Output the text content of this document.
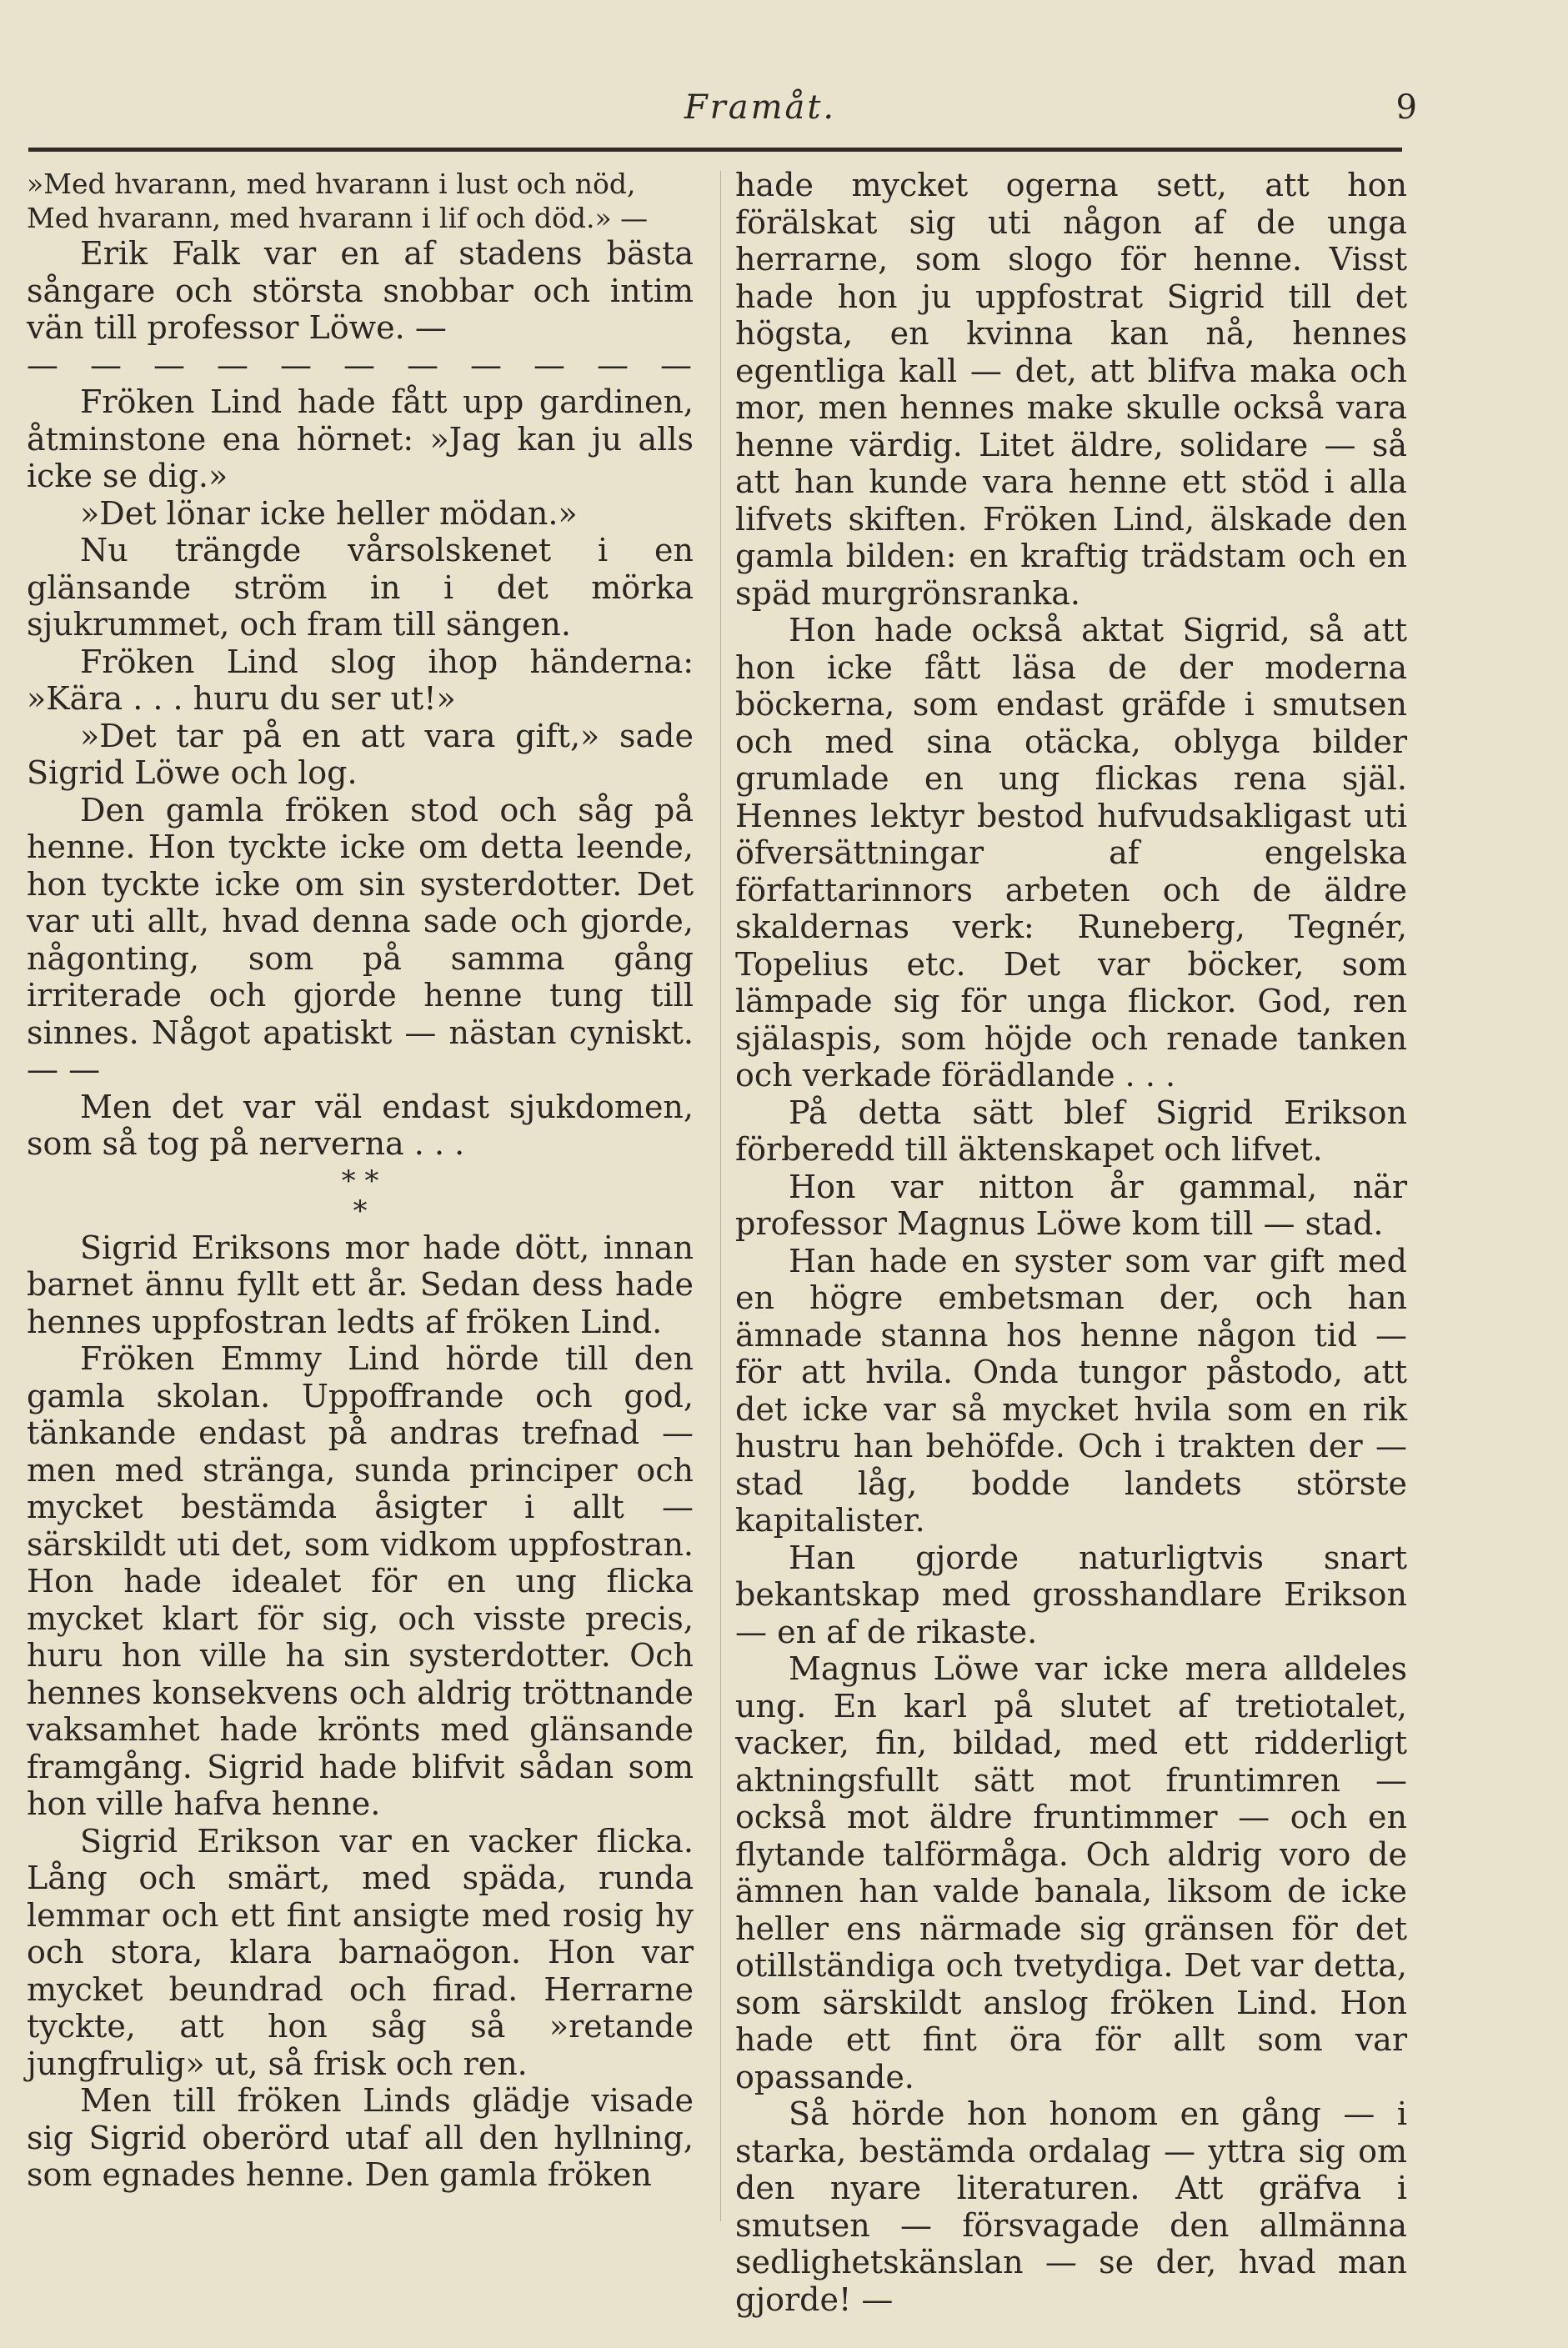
Framåt.	9

»Med hvarann, med hvarann i lust och nöd,
Med hvarann, med hvarann i lif och död.» —

Erik Falk var en af stadens bästa sångare och största snobbar och intim vän till professor Löwe. —

— — — — — — — — — — —

Fröken Lind hade fått upp gardinen, åtminstone ena hörnet: »Jag kan ju alls icke se dig.»

»Det lönar icke heller mödan.»

Nu trängde vårsolskenet i en glänsande ström in i det mörka sjukrummet, och fram till sängen.

Fröken Lind slog ihop händerna: »Kära . . . huru du ser ut!»

»Det tar på en att vara gift,» sade Sigrid Löwe och log.

Den gamla fröken stod och såg på henne. Hon tyckte icke om detta leende, hon tyckte icke om sin systerdotter. Det var uti allt, hvad denna sade och gjorde, någonting, som på samma gång irriterade och gjorde henne tung till sinnes. Något apatiskt — nästan cyniskt. — —

Men det var väl endast sjukdomen, som så tog på nerverna . . .

* *
*

Sigrid Eriksons mor hade dött, innan barnet ännu fyllt ett år. Sedan dess hade hennes uppfostran ledts af fröken Lind.

Fröken Emmy Lind hörde till den gamla skolan. Uppoffrande och god, tänkande endast på andras trefnad — men med stränga, sunda principer och mycket bestämda åsigter i allt — särskildt uti det, som vidkom uppfostran. Hon hade idealet för en ung flicka mycket klart för sig, och visste precis, huru hon ville ha sin systerdotter. Och hennes konsekvens och aldrig tröttnande vaksamhet hade krönts med glänsande framgång. Sigrid hade blifvit sådan som hon ville hafva henne.

Sigrid Erikson var en vacker flicka. Lång och smärt, med späda, runda lemmar och ett fint ansigte med rosig hy och stora, klara barnaögon. Hon var mycket beundrad och firad. Herrarne tyckte, att hon såg så »retande jungfrulig» ut, så frisk och ren.

Men till fröken Linds glädje visade sig Sigrid oberörd utaf all den hyllning, som egnades henne. Den gamla fröken

hade mycket ogerna sett, att hon förälskat sig uti någon af de unga herrarne, som slogo för henne. Visst hade hon ju uppfostrat Sigrid till det högsta, en kvinna kan nå, hennes egentliga kall — det, att blifva maka och mor, men hennes make skulle också vara henne värdig. Litet äldre, solidare — så att han kunde vara henne ett stöd i alla lifvets skiften. Fröken Lind, älskade den gamla bilden: en kraftig trädstam och en späd murgrönsranka.

Hon hade också aktat Sigrid, så att hon icke fått läsa de der moderna böckerna, som endast gräfde i smutsen och med sina otäcka, oblyga bilder grumlade en ung flickas rena själ. Hennes lektyr bestod hufvudsakligast uti öfversättningar af engelska författarinnors arbeten och de äldre skaldernas verk: Runeberg, Tegnér, Topelius etc. Det var böcker, som lämpade sig för unga flickor. God, ren själaspis, som höjde och renade tanken och verkade förädlande . . .

På detta sätt blef Sigrid Erikson förberedd till äktenskapet och lifvet.

Hon var nitton år gammal, när professor Magnus Löwe kom till — stad.

Han hade en syster som var gift med en högre embetsman der, och han ämnade stanna hos henne någon tid — för att hvila. Onda tungor påstodo, att det icke var så mycket hvila som en rik hustru han behöfde. Och i trakten der — stad låg, bodde landets störste kapitalister.

Han gjorde naturligtvis snart bekantskap med grosshandlare Erikson — en af de rikaste.

Magnus Löwe var icke mera alldeles ung. En karl på slutet af tretiotalet, vacker, fin, bildad, med ett ridderligt aktningsfullt sätt mot fruntimren — också mot äldre fruntimmer — och en flytande talförmåga. Och aldrig voro de ämnen han valde banala, liksom de icke heller ens närmade sig gränsen för det otillständiga och tvetydiga. Det var detta, som särskildt anslog fröken Lind. Hon hade ett fint öra för allt som var opassande.

Så hörde hon honom en gång — i starka, bestämda ordalag — yttra sig om den nyare literaturen. Att gräfva i smutsen — försvagade den allmänna sedlighetskänslan — se der, hvad man gjorde! —
